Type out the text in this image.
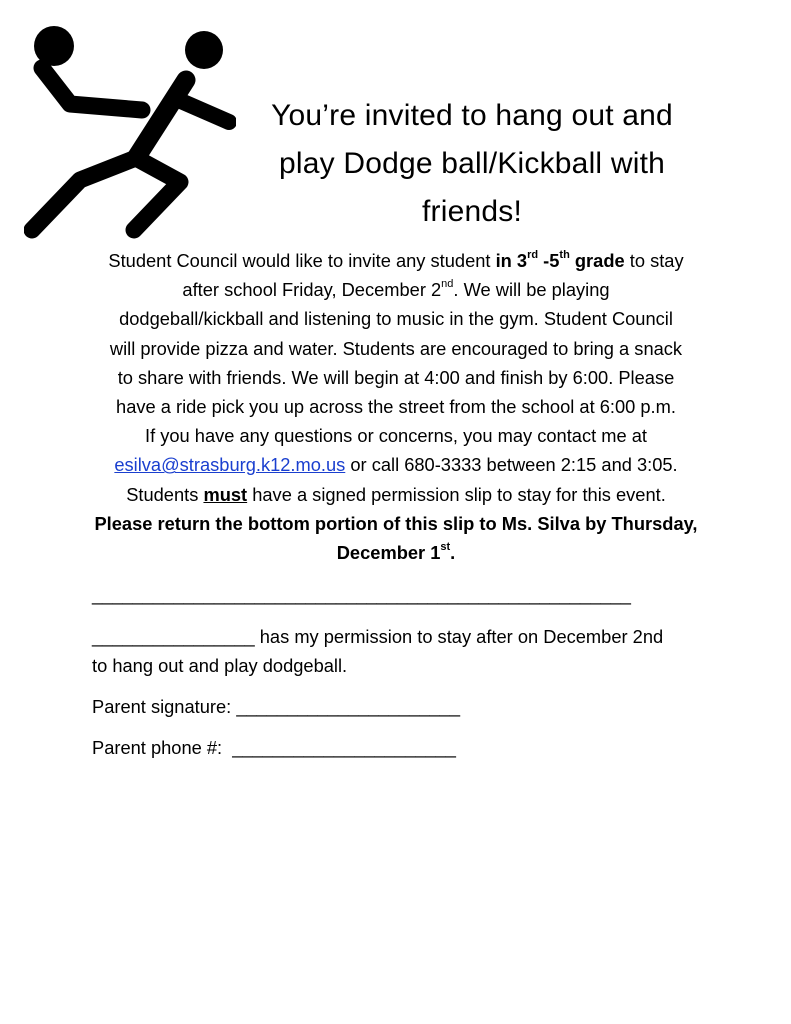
You’re invited to hang out and
play Dodge ball/Kickball with
friends!

Student Council would like to invite any student in 3rd -5th grade to stay

after school Friday, December 2nd. We will be playing

dodgeball/kickball and listening to music in the gym. Student Council

will provide pizza and water. Students are encouraged to bring a snack

to share with friends. We will begin at 4:00 and finish by 6:00. Please

have a ride pick you up across the street from the school at 6:00 p.m.

If you have any questions or concerns, you may contact me at

esilva@strasburg.k12.mo.us or call 680-3333 between 2:15 and 3:05.

Students must have a signed permission slip to stay for this event.

Please return the bottom portion of this slip to Ms. Silva by Thursday,

December 1st.

_____________________________________________________

________________ has my permission to stay after on December 2nd

to hang out and play dodgeball.

Parent signature: ______________________

Parent phone #:  ______________________
